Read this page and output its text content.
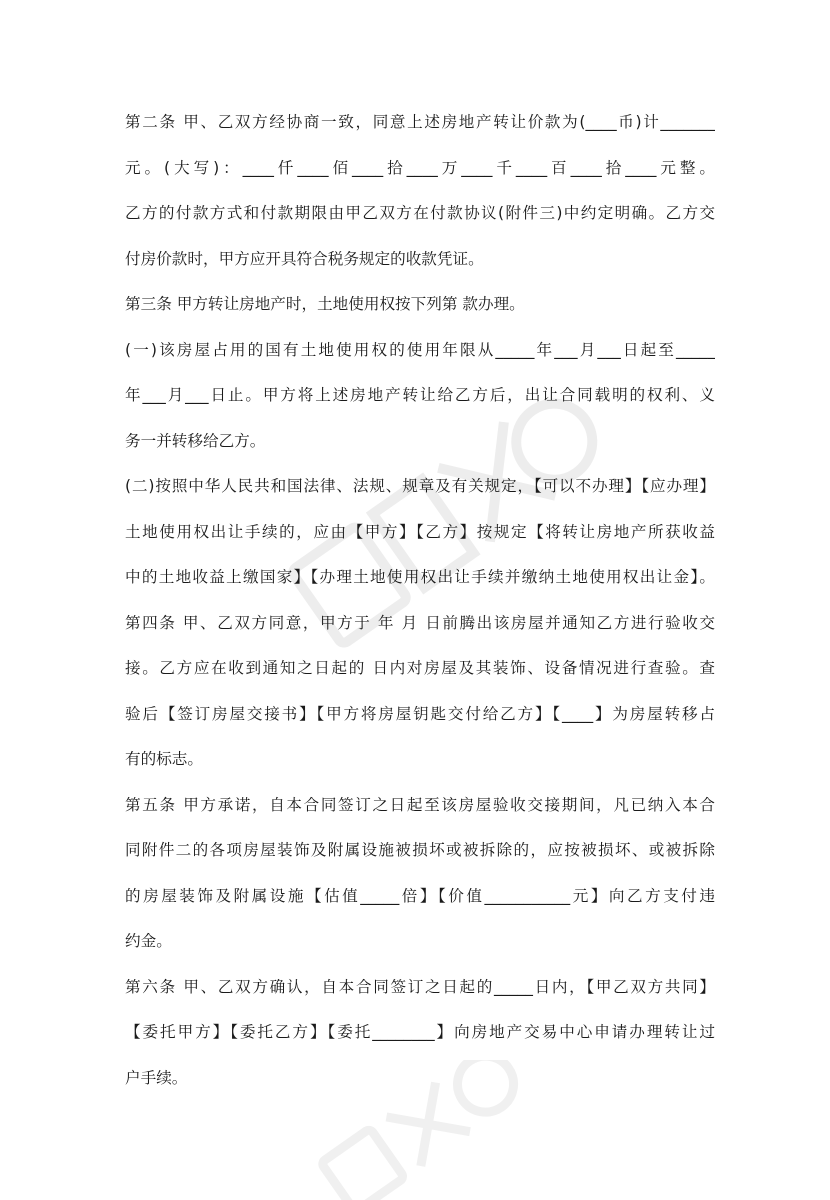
第二条 甲、乙双方经协商一致，同意上述房地产转让价款为(____币)计_______
元。(大写)：____仟____佰____拾____万____千____百____拾____元整。
乙方的付款方式和付款期限由甲乙双方在付款协议(附件三)中约定明确。乙方交
付房价款时，甲方应开具符合税务规定的收款凭证。
第三条 甲方转让房地产时，土地使用权按下列第 款办理。
(一)该房屋占用的国有土地使用权的使用年限从_____年___月___日起至_____
年___月___日止。甲方将上述房地产转让给乙方后，出让合同载明的权利、义
务一并转移给乙方。
(二)按照中华人民共和国法律、法规、规章及有关规定，【可以不办理】【应办理】
土地使用权出让手续的，应由【甲方】【乙方】按规定【将转让房地产所获收益
中的土地收益上缴国家】【办理土地使用权出让手续并缴纳土地使用权出让金】。
第四条 甲、乙双方同意，甲方于 年 月 日前腾出该房屋并通知乙方进行验收交
接。乙方应在收到通知之日起的 日内对房屋及其装饰、设备情况进行查验。查
验后【签订房屋交接书】【甲方将房屋钥匙交付给乙方】【____】为房屋转移占
有的标志。
第五条 甲方承诺，自本合同签订之日起至该房屋验收交接期间，凡已纳入本合
同附件二的各项房屋装饰及附属设施被损坏或被拆除的，应按被损坏、或被拆除
的房屋装饰及附属设施【估值_____倍】【价值___________元】向乙方支付违
约金。
第六条 甲、乙双方确认，自本合同签订之日起的_____日内，【甲乙双方共同】
【委托甲方】【委托乙方】【委托________】向房地产交易中心申请办理转让过
户手续。
